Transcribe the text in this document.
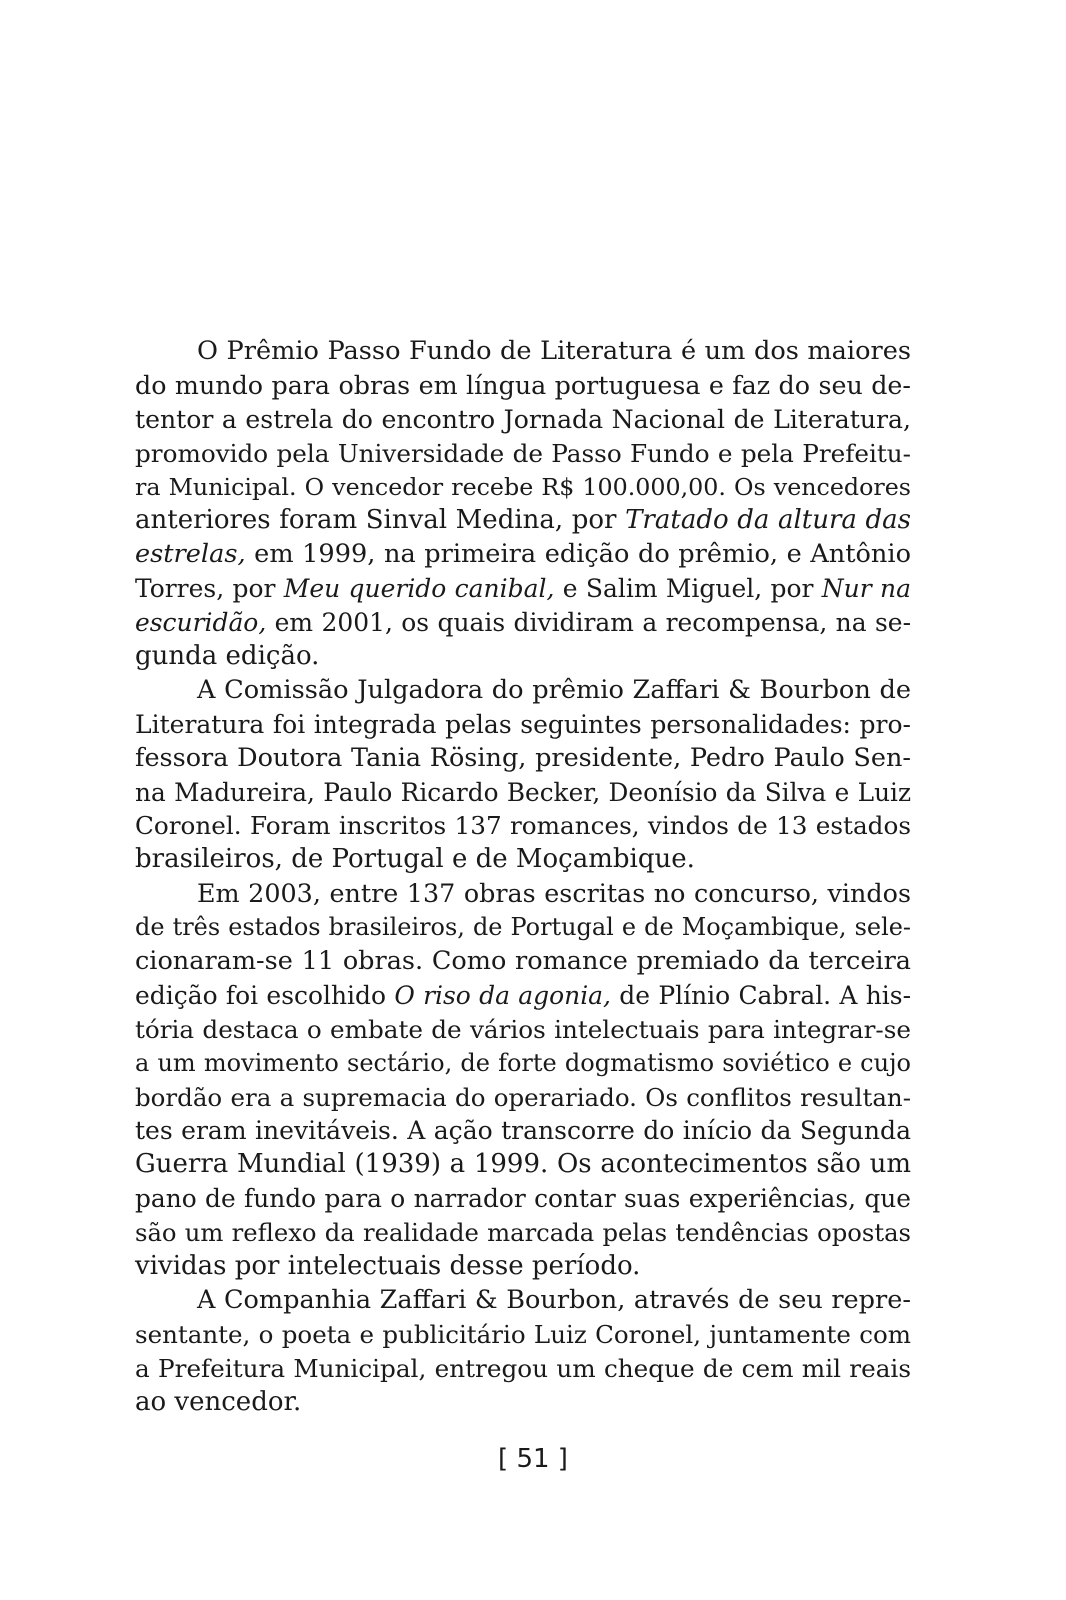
O Prêmio Passo Fundo de Literatura é um dos maiores
do mundo para obras em língua portuguesa e faz do seu de-
tentor a estrela do encontro Jornada Nacional de Literatura,
promovido pela Universidade de Passo Fundo e pela Prefeitu-
ra Municipal. O vencedor recebe R$ 100.000,00. Os vencedores
anteriores foram Sinval Medina, por Tratado da altura das
estrelas, em 1999, na primeira edição do prêmio, e Antônio
Torres, por Meu querido canibal, e Salim Miguel, por Nur na
escuridão, em 2001, os quais dividiram a recompensa, na se-
gunda edição.
A Comissão Julgadora do prêmio Zaffari & Bourbon de
Literatura foi integrada pelas seguintes personalidades: pro-
fessora Doutora Tania Rösing, presidente, Pedro Paulo Sen-
na Madureira, Paulo Ricardo Becker, Deonísio da Silva e Luiz
Coronel. Foram inscritos 137 romances, vindos de 13 estados
brasileiros, de Portugal e de Moçambique.
Em 2003, entre 137 obras escritas no concurso, vindos
de três estados brasileiros, de Portugal e de Moçambique, sele-
cionaram-se 11 obras. Como romance premiado da terceira
edição foi escolhido O riso da agonia, de Plínio Cabral. A his-
tória destaca o embate de vários intelectuais para integrar-se
a um movimento sectário, de forte dogmatismo soviético e cujo
bordão era a supremacia do operariado. Os conflitos resultan-
tes eram inevitáveis. A ação transcorre do início da Segunda
Guerra Mundial (1939) a 1999. Os acontecimentos são um
pano de fundo para o narrador contar suas experiências, que
são um reflexo da realidade marcada pelas tendências opostas
vividas por intelectuais desse período.
A Companhia Zaffari & Bourbon, através de seu repre-
sentante, o poeta e publicitário Luiz Coronel, juntamente com
a Prefeitura Municipal, entregou um cheque de cem mil reais
ao vencedor.
[ 51 ]
